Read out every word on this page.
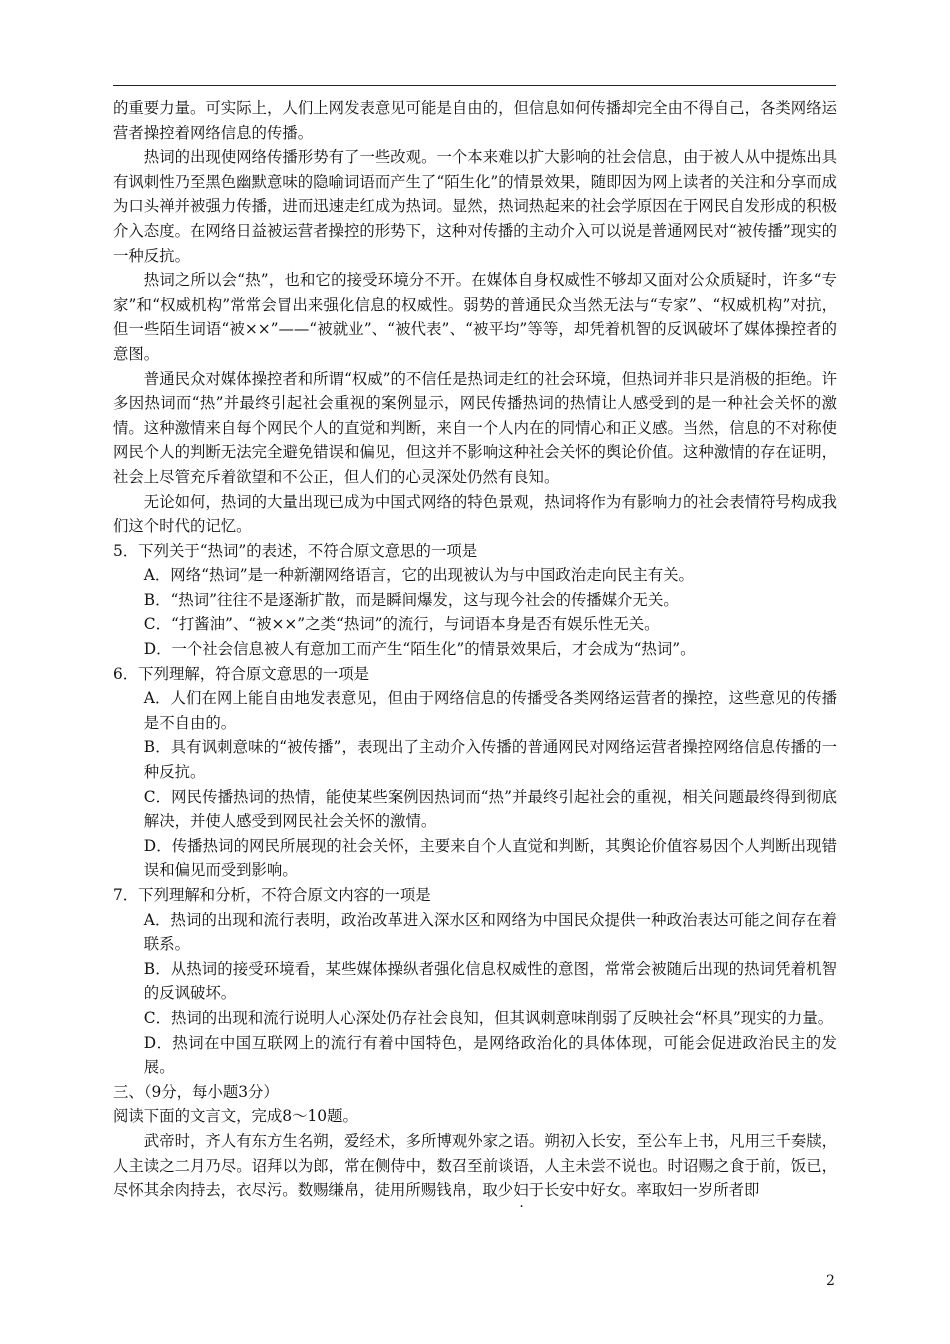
的重要力量。可实际上，人们上网发表意见可能是自由的，但信息如何传播却完全由不得自己，各类网络运营者操控着网络信息的传播。

热词的出现使网络传播形势有了一些改观。一个本来难以扩大影响的社会信息，由于被人从中提炼出具有讽刺性乃至黑色幽默意味的隐喻词语而产生了“陌生化”的情景效果，随即因为网上读者的关注和分享而成为口头禅并被强力传播，进而迅速走红成为热词。显然，热词热起来的社会学原因在于网民自发形成的积极介入态度。在网络日益被运营者操控的形势下，这种对传播的主动介入可以说是普通网民对“被传播”现实的一种反抗。

热词之所以会“热”，也和它的接受环境分不开。在媒体自身权威性不够却又面对公众质疑时，许多“专家”和“权威机构”常常会冒出来强化信息的权威性。弱势的普通民众当然无法与“专家”、“权威机构”对抗，但一些陌生词语“被××”——“被就业”、“被代表”、“被平均”等等，却凭着机智的反讽破坏了媒体操控者的意图。

普通民众对媒体操控者和所谓“权威”的不信任是热词走红的社会环境，但热词并非只是消极的拒绝。许多因热词而“热”并最终引起社会重视的案例显示，网民传播热词的热情让人感受到的是一种社会关怀的激情。这种激情来自每个网民个人的直觉和判断，来自一个人内在的同情心和正义感。当然，信息的不对称使网民个人的判断无法完全避免错误和偏见，但这并不影响这种社会关怀的舆论价值。这种激情的存在证明，社会上尽管充斥着欲望和不公正，但人们的心灵深处仍然有良知。

无论如何，热词的大量出现已成为中国式网络的特色景观，热词将作为有影响力的社会表情符号构成我们这个时代的记忆。

5．下列关于“热词”的表述，不符合原文意思的一项是

A．网络“热词”是一种新潮网络语言，它的出现被认为与中国政治走向民主有关。

B．“热词”往往不是逐渐扩散，而是瞬间爆发，这与现今社会的传播媒介无关。

C．“打酱油”、“被××”之类“热词”的流行，与词语本身是否有娱乐性无关。

D．一个社会信息被人有意加工而产生“陌生化”的情景效果后，才会成为“热词”。

6．下列理解，符合原文意思的一项是

A．人们在网上能自由地发表意见，但由于网络信息的传播受各类网络运营者的操控，这些意见的传播是不自由的。

B．具有讽刺意味的“被传播”，表现出了主动介入传播的普通网民对网络运营者操控网络信息传播的一种反抗。

C．网民传播热词的热情，能使某些案例因热词而“热”并最终引起社会的重视，相关问题最终得到彻底解决，并使人感受到网民社会关怀的激情。

D．传播热词的网民所展现的社会关怀，主要来自个人直觉和判断，其舆论价值容易因个人判断出现错误和偏见而受到影响。

7．下列理解和分析，不符合原文内容的一项是

A．热词的出现和流行表明，政治改革进入深水区和网络为中国民众提供一种政治表达可能之间存在着联系。

B．从热词的接受环境看，某些媒体操纵者强化信息权威性的意图，常常会被随后出现的热词凭着机智的反讽破坏。

C．热词的出现和流行说明人心深处仍存社会良知，但其讽刺意味削弱了反映社会“杯具”现实的力量。

D．热词在中国互联网上的流行有着中国特色，是网络政治化的具体体现，可能会促进政治民主的发展。

三、（9分，每小题3分）

阅读下面的文言文，完成8～10题。

武帝时，齐人有东方生名朔，爱经术，多所博观外家之语。朔初入长安，至公车上书，凡用三千奏牍，人主读之二月乃尽。诏拜以为郎，常在侧侍中，数召至前谈语，人主未尝不说也。时诏赐之食于前，饭已，尽怀其余肉持去，衣尽污。数赐缣帛，徒用所赐钱帛，取 ·少妇于长安中好女。率取妇一岁所者即

2
